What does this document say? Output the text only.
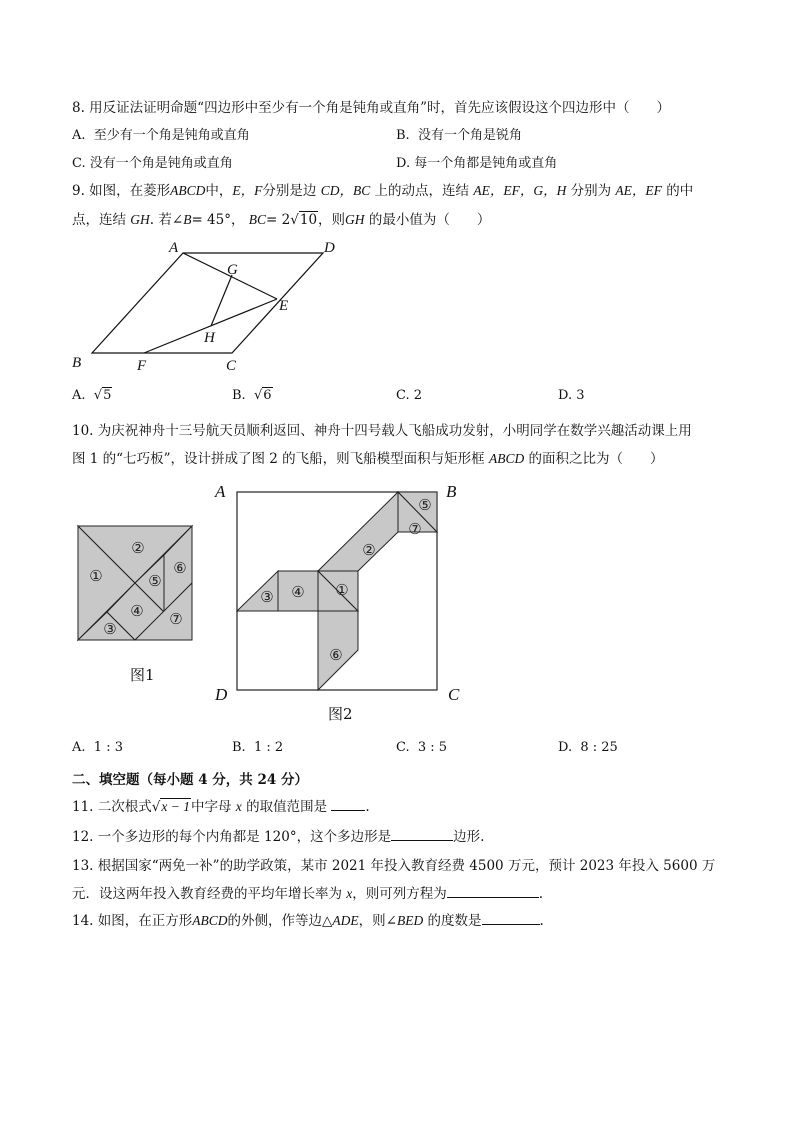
8. 用反证法证明命题“四边形中至少有一个角是钝角或直角”时，首先应该假设这个四边形中（　　）
A. 至少有一个角是钝角或直角	B. 没有一个角是锐角
C. 没有一个角是钝角或直角	D. 每一个角都是钝角或直角
9. 如图，在菱形ABCD中，E，F分别是边 CD，BC 上的动点，连结 AE，EF，G，H 分别为 AE，EF 的中
点，连结 GH. 若∠B= 45°， BC= 2√10，则GH 的最小值为（　　）
A	D
G
E
H
B	F	C
A. √5	B. √6	C. 2	D. 3
10. 为庆祝神舟十三号航天员顺利返回、神舟十四号载人飞船成功发射，小明同学在数学兴趣活动课上用
图 1 的“七巧板”，设计拼成了图 2 的飞船，则飞船模型面积与矩形框 ABCD 的面积之比为（　　）
①
②
③
④
⑤
⑥
⑦
图1
①
②
③ ④
⑤
⑥
⑦
A	B
C
D
图2
A. 1 : 3	B. 1 : 2	C. 3 : 5	D. 8 : 25
二、填空题（每小题 4 分，共 24 分）
11. 二次根式√x − 1中字母 x 的取值范围是	.
12. 一个多边形的每个内角都是 120°，这个多边形是	边形.
13. 根据国家“两免一补”的助学政策，某市 2021 年投入教育经费 4500 万元，预计 2023 年投入 5600 万
元．设这两年投入教育经费的平均年增长率为 x，则可列方程为	.
14. 如图，在正方形ABCD的外侧，作等边△ADE，则∠BED 的度数是	.
